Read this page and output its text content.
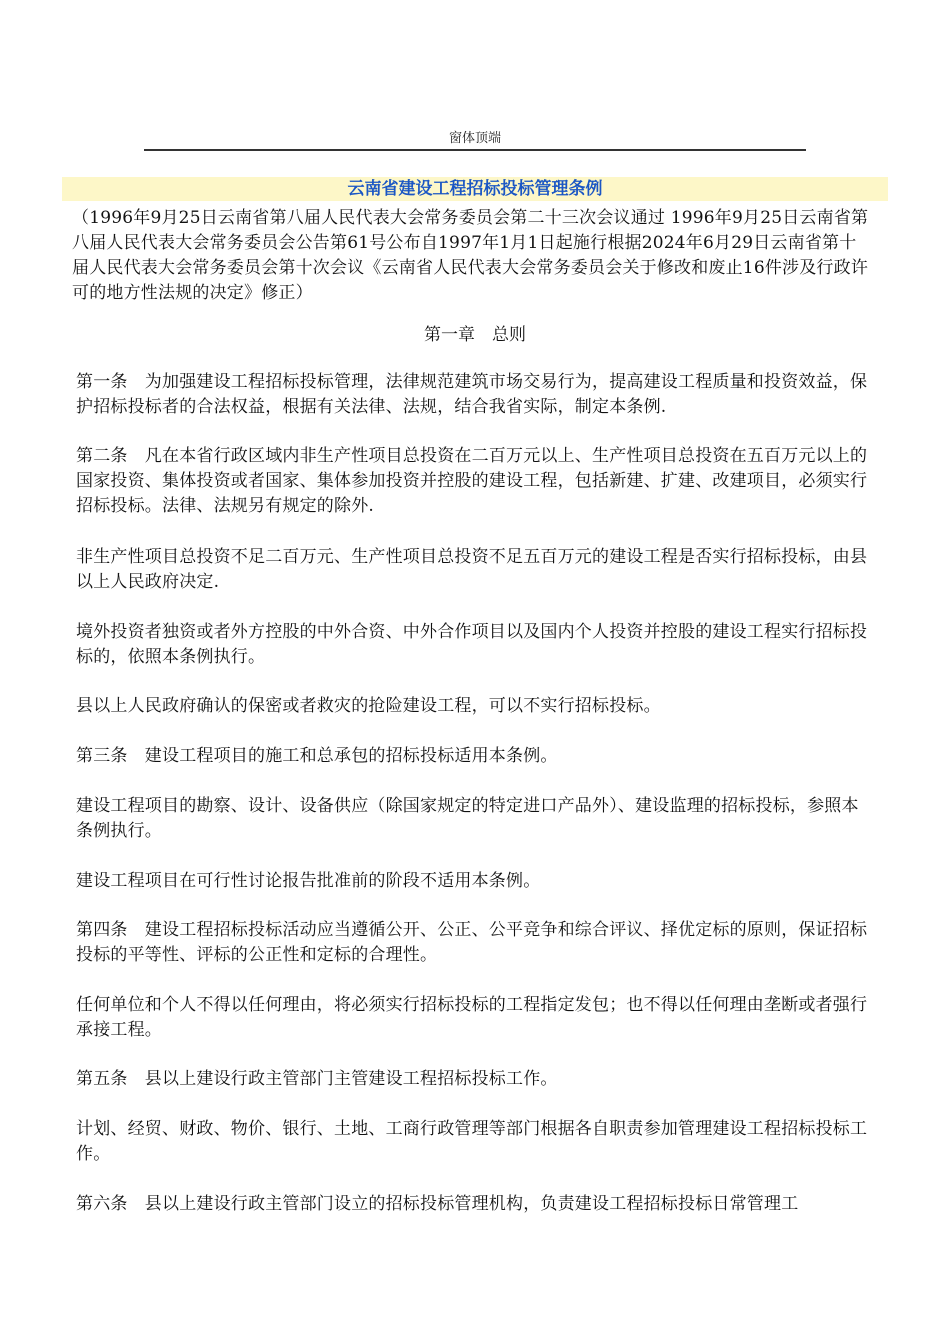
窗体顶端
云南省建设工程招标投标管理条例

（1996年9月25日云南省第八届人民代表大会常务委员会第二十三次会议通过 1996年9月25日云南省第八届人民代表大会常务委员会公告第61号公布自1997年1月1日起施行根据2024年6月29日云南省第十届人民代表大会常务委员会第十次会议《云南省人民代表大会常务委员会关于修改和废止16件涉及行政许可的地方性法规的决定》修正）

第一章　总则

第一条　为加强建设工程招标投标管理，法律规范建筑市场交易行为，提高建设工程质量和投资效益，保护招标投标者的合法权益，根据有关法律、法规，结合我省实际，制定本条例.

第二条　凡在本省行政区域内非生产性项目总投资在二百万元以上、生产性项目总投资在五百万元以上的国家投资、集体投资或者国家、集体参加投资并控股的建设工程，包括新建、扩建、改建项目，必须实行招标投标。法律、法规另有规定的除外.

非生产性项目总投资不足二百万元、生产性项目总投资不足五百万元的建设工程是否实行招标投标，由县以上人民政府决定.

境外投资者独资或者外方控股的中外合资、中外合作项目以及国内个人投资并控股的建设工程实行招标投标的，依照本条例执行。

县以上人民政府确认的保密或者救灾的抢险建设工程，可以不实行招标投标。

第三条　建设工程项目的施工和总承包的招标投标适用本条例。

建设工程项目的勘察、设计、设备供应（除国家规定的特定进口产品外）、建设监理的招标投标，参照本条例执行。

建设工程项目在可行性讨论报告批准前的阶段不适用本条例。

第四条　建设工程招标投标活动应当遵循公开、公正、公平竞争和综合评议、择优定标的原则，保证招标投标的平等性、评标的公正性和定标的合理性。

任何单位和个人不得以任何理由，将必须实行招标投标的工程指定发包；也不得以任何理由垄断或者强行承接工程。

第五条　县以上建设行政主管部门主管建设工程招标投标工作。

计划、经贸、财政、物价、银行、土地、工商行政管理等部门根据各自职责参加管理建设工程招标投标工作。

第六条　县以上建设行政主管部门设立的招标投标管理机构，负责建设工程招标投标日常管理工
